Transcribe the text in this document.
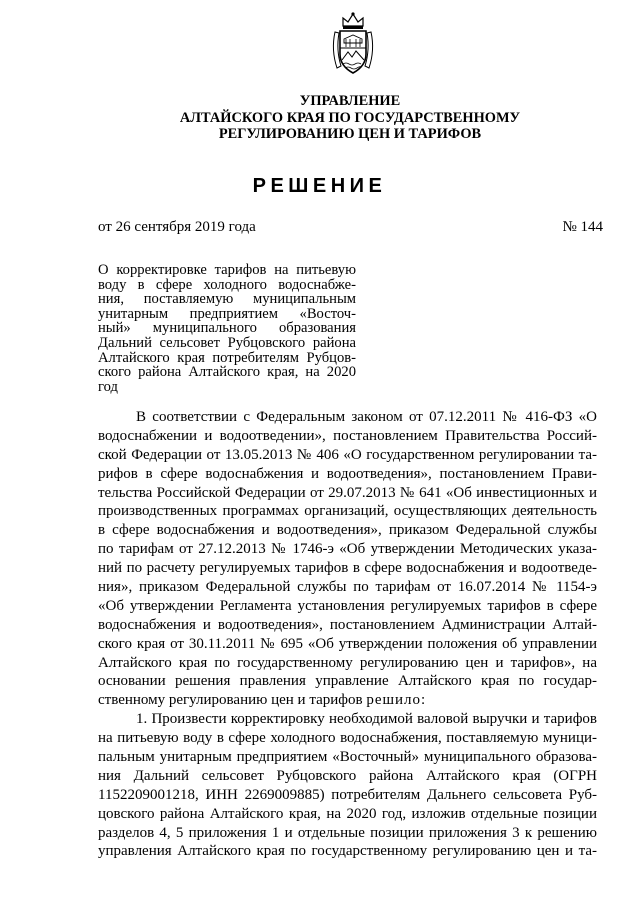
УПРАВЛЕНИЕ
АЛТАЙСКОГО КРАЯ ПО ГОСУДАРСТВЕННОМУ
РЕГУЛИРОВАНИЮ ЦЕН И ТАРИФОВ
РЕШЕНИЕ
от 26 сентября 2019 года	№ 144
О корректировке тарифов на питьевую
воду в сфере холодного водоснабже-
ния, поставляемую муниципальным
унитарным предприятием «Восточ-
ный» муниципального образования
Дальний сельсовет Рубцовского района
Алтайского края потребителям Рубцов-
ского района Алтайского края, на 2020
год
В соответствии с Федеральным законом от 07.12.2011 № 416-ФЗ «О
водоснабжении и водоотведении», постановлением Правительства Россий-
ской Федерации от 13.05.2013 № 406 «О государственном регулировании та-
рифов в сфере водоснабжения и водоотведения», постановлением Прави-
тельства Российской Федерации от 29.07.2013 № 641 «Об инвестиционных и
производственных программах организаций, осуществляющих деятельность
в сфере водоснабжения и водоотведения», приказом Федеральной службы
по тарифам от 27.12.2013 № 1746-э «Об утверждении Методических указа-
ний по расчету регулируемых тарифов в сфере водоснабжения и водоотведе-
ния», приказом Федеральной службы по тарифам от 16.07.2014 № 1154-э
«Об утверждении Регламента установления регулируемых тарифов в сфере
водоснабжения и водоотведения», постановлением Администрации Алтай-
ского края от 30.11.2011 № 695 «Об утверждении положения об управлении
Алтайского края по государственному регулированию цен и тарифов», на
основании решения правления управление Алтайского края по государ-
ственному регулированию цен и тарифов решило:
1. Произвести корректировку необходимой валовой выручки и тарифов
на питьевую воду в сфере холодного водоснабжения, поставляемую муници-
пальным унитарным предприятием «Восточный» муниципального образова-
ния Дальний сельсовет Рубцовского района Алтайского края (ОГРН
1152209001218, ИНН 2269009885) потребителям Дальнего сельсовета Руб-
цовского района Алтайского края, на 2020 год, изложив отдельные позиции
разделов 4, 5 приложения 1 и отдельные позиции приложения 3 к решению
управления Алтайского края по государственному регулированию цен и та-
